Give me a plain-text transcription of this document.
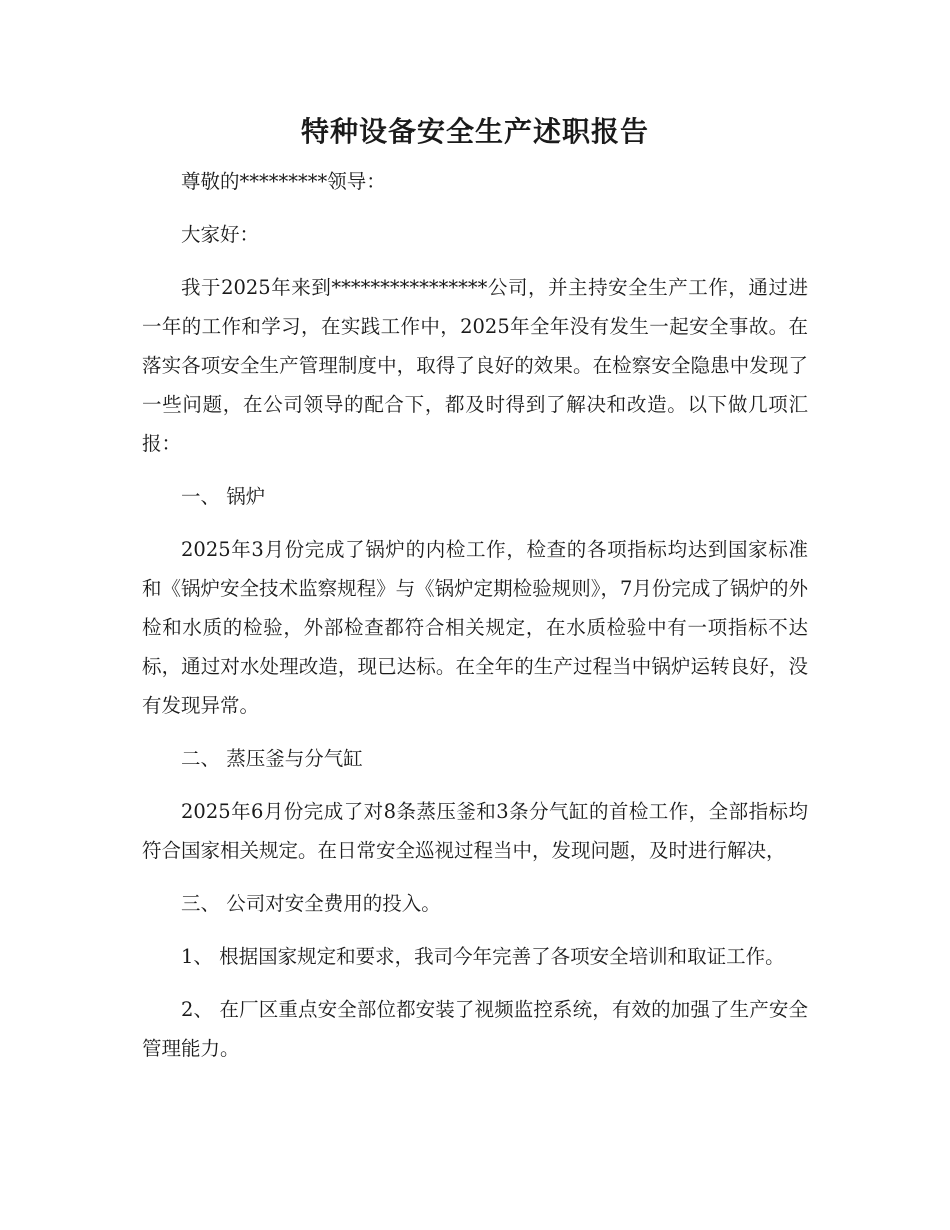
特种设备安全生产述职报告

尊敬的*********领导：

大家好：

我于2025年来到****************公司，并主持安全生产工作，通过进一年的工作和学习，在实践工作中，2025年全年没有发生一起安全事故。在落实各项安全生产管理制度中，取得了良好的效果。在检察安全隐患中发现了一些问题，在公司领导的配合下，都及时得到了解决和改造。以下做几项汇报：

一、 锅炉

2025年3月份完成了锅炉的内检工作，检查的各项指标均达到国家标准和《锅炉安全技术监察规程》与《锅炉定期检验规则》，7月份完成了锅炉的外检和水质的检验，外部检查都符合相关规定，在水质检验中有一项指标不达标，通过对水处理改造，现已达标。在全年的生产过程当中锅炉运转良好，没有发现异常。

二、 蒸压釜与分气缸

2025年6月份完成了对8条蒸压釜和3条分气缸的首检工作，全部指标均符合国家相关规定。在日常安全巡视过程当中，发现问题，及时进行解决，

三、 公司对安全费用的投入。

1、 根据国家规定和要求，我司今年完善了各项安全培训和取证工作。

2、 在厂区重点安全部位都安装了视频监控系统，有效的加强了生产安全管理能力。
